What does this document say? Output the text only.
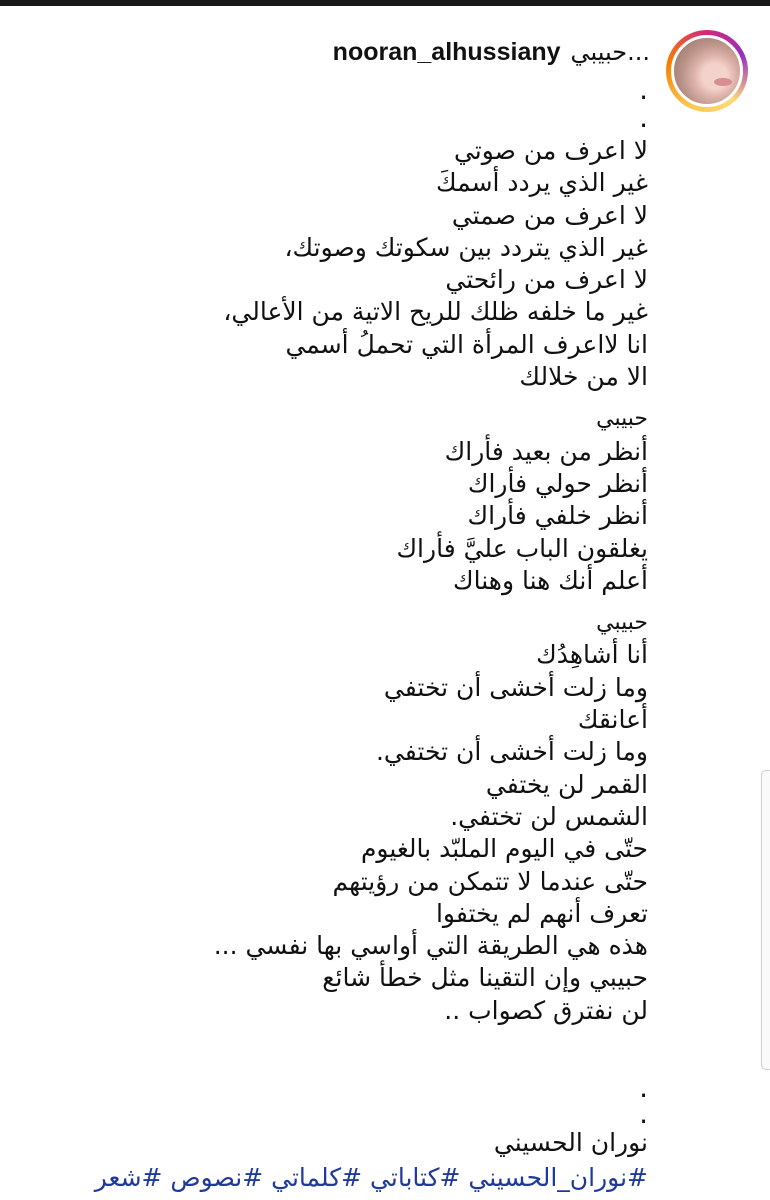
nooran_alhussiany حبيبي...
.
.
لا اعرف من صوتي
غير الذي يردد أسمكَ
لا اعرف من صمتي
غير الذي يتردد بين سكوتك وصوتك،
لا اعرف من رائحتي
غير ما خلفه ظلك للريح الاتية من الأعالي،
انا لااعرف المرأة التي تحملُ أسمي
الا من خلالك
حبيبي
أنظر من بعيد فأراك
أنظر حولي فأراك
أنظر خلفي فأراك
يغلقون الباب عليَّ فأراك
أعلم أنك هنا وهناك
حبيبي
أنا أشاهِدُك
وما زلت أخشى أن تختفي
أعانقك
وما زلت أخشى أن تختفي.
القمر لن يختفي
الشمس لن تختفي.
حتّى في اليوم الملبّد بالغيوم
حتّى عندما لا تتمكن من رؤيتهم
تعرف أنهم لم يختفوا
هذه هي الطريقة التي أواسي بها نفسي ...
حبيبي وإن التقينا مثل خطأ شائع
لن نفترق كصواب ..
.
.
نوران الحسيني
#نوران_الحسيني #كتاباتي #كلماتي #نصوص #شعر
